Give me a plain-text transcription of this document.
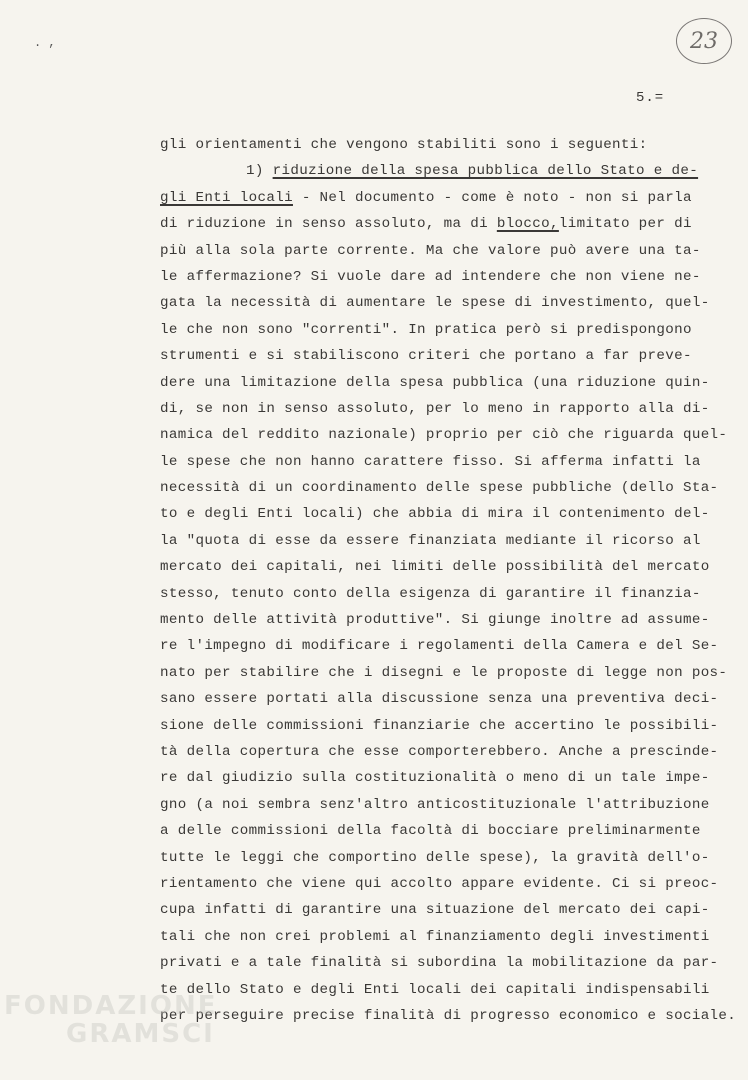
. ,	23
5.=
gli orientamenti che vengono stabiliti sono i seguenti:
1) riduzione della spesa pubblica dello Stato e de-
gli Enti locali - Nel documento - come è noto - non si parla
di riduzione in senso assoluto, ma di blocco,limitato per di
più alla sola parte corrente. Ma che valore può avere una ta-
le affermazione? Si vuole dare ad intendere che non viene ne-
gata la necessità di aumentare le spese di investimento, quel-
le che non sono "correnti". In pratica però si predispongono
strumenti e si stabiliscono criteri che portano a far preve-
dere una limitazione della spesa pubblica (una riduzione quin-
di, se non in senso assoluto, per lo meno in rapporto alla di-
namica del reddito nazionale) proprio per ciò che riguarda quel-
le spese che non hanno carattere fisso. Si afferma infatti la
necessità di un coordinamento delle spese pubbliche (dello Sta-
to e degli Enti locali) che abbia di mira il contenimento del-
la "quota di esse da essere finanziata mediante il ricorso al
mercato dei capitali, nei limiti delle possibilità del mercato
stesso, tenuto conto della esigenza di garantire il finanzia-
mento delle attività produttive". Si giunge inoltre ad assume-
re l'impegno di modificare i regolamenti della Camera e del Se-
nato per stabilire che i disegni e le proposte di legge non pos-
sano essere portati alla discussione senza una preventiva deci-
sione delle commissioni finanziarie che accertino le possibili-
tà della copertura che esse comporterebbero. Anche a prescinde-
re dal giudizio sulla costituzionalità o meno di un tale impe-
gno (a noi sembra senz'altro anticostituzionale l'attribuzione
a delle commissioni della facoltà di bocciare preliminarmente
tutte le leggi che comportino delle spese), la gravità dell'o-
rientamento che viene qui accolto appare evidente. Ci si preoc-
cupa infatti di garantire una situazione del mercato dei capi-
tali che non crei problemi al finanziamento degli investimenti
privati e a tale finalità si subordina la mobilitazione da par-
te dello Stato e degli Enti locali dei capitali indispensabili
per perseguire precise finalità di progresso economico e sociale.
FONDAZIONE
GRAMSCI
